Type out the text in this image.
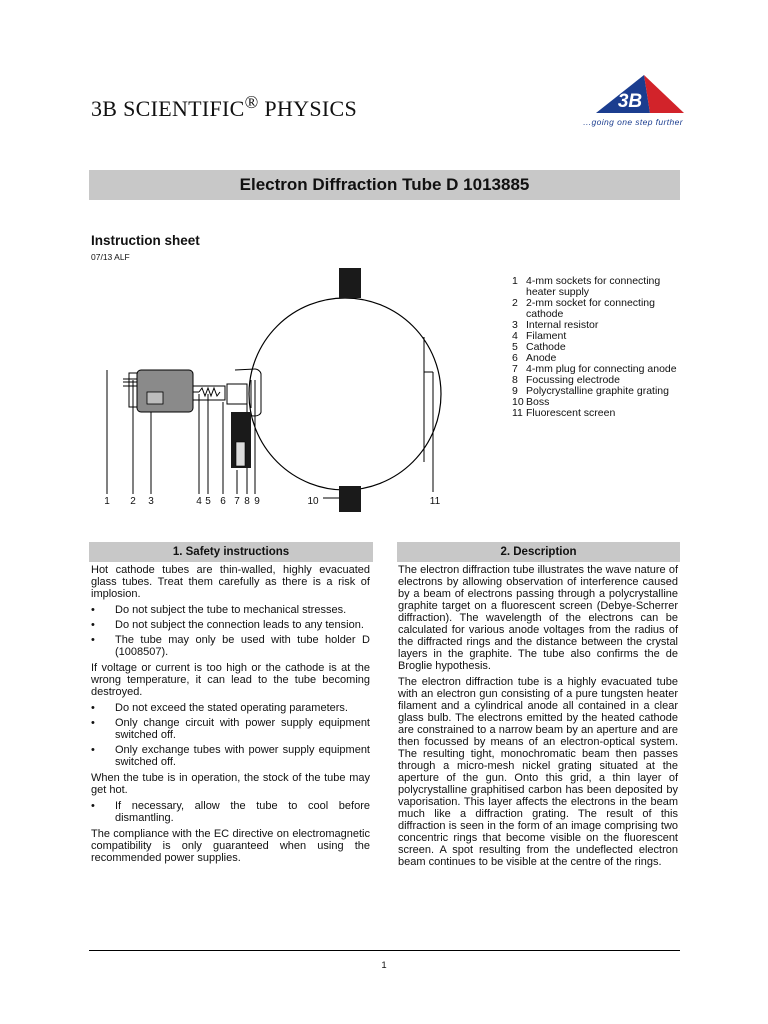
3B SCIENTIFIC® PHYSICS	3B
...going one step further
Electron Diffraction Tube D 1013885
Instruction sheet
07/13 ALF
1 2 3	4 5 6 7 8 9	10	11
1 4-mm sockets for connecting heater supply
2 2-mm socket for connecting cathode
3 Internal resistor
4 Filament
5 Cathode
6 Anode
7 4-mm plug for connecting anode
8 Focussing electrode
9 Polycrystalline graphite grating
10 Boss
11 Fluorescent screen
1. Safety instructions	2. Description

Hot cathode tubes are thin-walled, highly evacuated glass tubes. Treat them carefully as there is a risk of implosion.

• Do not subject the tube to mechanical stresses.
• Do not subject the connection leads to any tension.
• The tube may only be used with tube holder D (1008507).

If voltage or current is too high or the cathode is at the wrong temperature, it can lead to the tube becoming destroyed.

• Do not exceed the stated operating parameters.
• Only change circuit with power supply equipment switched off.
• Only exchange tubes with power supply equipment switched off.

When the tube is in operation, the stock of the tube may get hot.

• If necessary, allow the tube to cool before dismantling.

The compliance with the EC directive on electromagnetic compatibility is only guaranteed when using the recommended power supplies.

The electron diffraction tube illustrates the wave nature of electrons by allowing observation of interference caused by a beam of electrons passing through a polycrystalline graphite target on a fluorescent screen (Debye-Scherrer diffraction). The wavelength of the electrons can be calculated for various anode voltages from the radius of the diffracted rings and the distance between the crystal layers in the graphite. The tube also confirms the de Broglie hypothesis.

The electron diffraction tube is a highly evacuated tube with an electron gun consisting of a pure tungsten heater filament and a cylindrical anode all contained in a clear glass bulb. The electrons emitted by the heated cathode are constrained to a narrow beam by an aperture and are then focussed by means of an electron-optical system. The resulting tight, monochromatic beam then passes through a micro-mesh nickel grating situated at the aperture of the gun. Onto this grid, a thin layer of polycrystalline graphitised carbon has been deposited by vaporisation. This layer affects the electrons in the beam much like a diffraction grating. The result of this diffraction is seen in the form of an image comprising two concentric rings that become visible on the fluorescent screen. A spot resulting from the undeflected electron beam continues to be visible at the centre of the rings.

1
